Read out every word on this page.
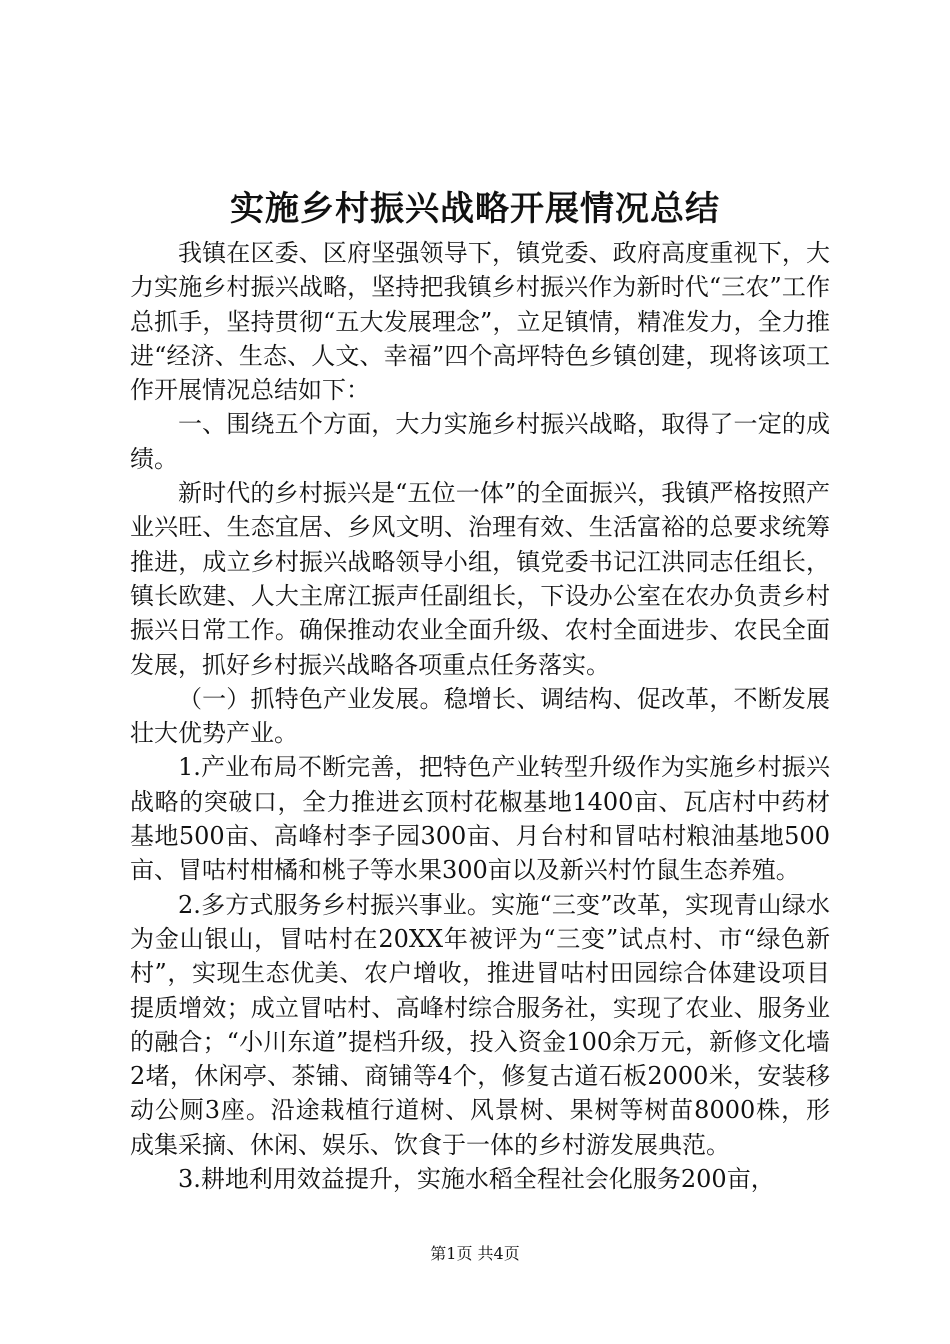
实施乡村振兴战略开展情况总结

我镇在区委、区府坚强领导下，镇党委、政府高度重视下，大力实施乡村振兴战略，坚持把我镇乡村振兴作为新时代“三农”工作总抓手，坚持贯彻“五大发展理念”，立足镇情，精准发力，全力推进“经济、生态、人文、幸福”四个高坪特色乡镇创建，现将该项工作开展情况总结如下：

一、围绕五个方面，大力实施乡村振兴战略，取得了一定的成绩。

新时代的乡村振兴是“五位一体”的全面振兴，我镇严格按照产业兴旺、生态宜居、乡风文明、治理有效、生活富裕的总要求统筹推进，成立乡村振兴战略领导小组，镇党委书记江洪同志任组长，镇长欧建、人大主席江振声任副组长，下设办公室在农办负责乡村振兴日常工作。确保推动农业全面升级、农村全面进步、农民全面发展，抓好乡村振兴战略各项重点任务落实。

（一）抓特色产业发展。稳增长、调结构、促改革，不断发展壮大优势产业。

1.产业布局不断完善，把特色产业转型升级作为实施乡村振兴战略的突破口，全力推进玄顶村花椒基地1400亩、瓦店村中药材基地500亩、高峰村李子园300亩、月台村和冒咕村粮油基地500亩、冒咕村柑橘和桃子等水果300亩以及新兴村竹鼠生态养殖。

2.多方式服务乡村振兴事业。实施“三变”改革，实现青山绿水为金山银山，冒咕村在20XX年被评为“三变”试点村、市“绿色新村”，实现生态优美、农户增收，推进冒咕村田园综合体建设项目提质增效；成立冒咕村、高峰村综合服务社，实现了农业、服务业的融合；“小川东道”提档升级，投入资金100余万元，新修文化墙2堵，休闲亭、茶铺、商铺等4个，修复古道石板2000米，安装移动公厕3座。沿途栽植行道树、风景树、果树等树苗8000株，形成集采摘、休闲、娱乐、饮食于一体的乡村游发展典范。

3.耕地利用效益提升，实施水稻全程社会化服务200亩，

第1页 共4页
